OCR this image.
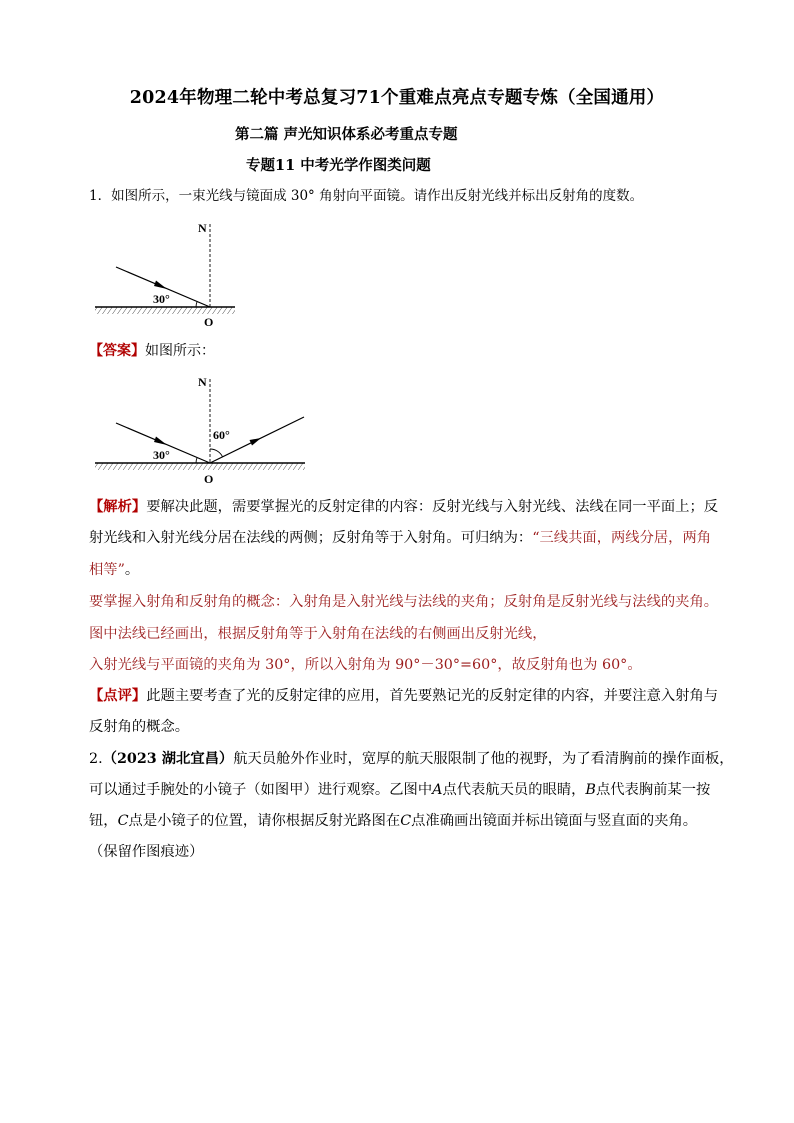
2024年物理二轮中考总复习71个重难点亮点专题专炼（全国通用）
第二篇 声光知识体系必考重点专题
专题11 中考光学作图类问题
1．如图所示，一束光线与镜面成 30° 角射向平面镜。请作出反射光线并标出反射角的度数。
N
30°
O
【答案】如图所示：
N
60°
30°
O
【解析】要解决此题，需要掌握光的反射定律的内容：反射光线与入射光线、法线在同一平面上；反
射光线和入射光线分居在法线的两侧；反射角等于入射角。可归纳为：“三线共面，两线分居，两角
相等”。
要掌握入射角和反射角的概念：入射角是入射光线与法线的夹角；反射角是反射光线与法线的夹角。
图中法线已经画出，根据反射角等于入射角在法线的右侧画出反射光线，
入射光线与平面镜的夹角为 30°，所以入射角为 90°－30°=60°，故反射角也为 60°。
【点评】此题主要考查了光的反射定律的应用，首先要熟记光的反射定律的内容，并要注意入射角与
反射角的概念。
2.（2023 湖北宜昌）航天员舱外作业时，宽厚的航天服限制了他的视野，为了看清胸前的操作面板，
可以通过手腕处的小镜子（如图甲）进行观察。乙图中A点代表航天员的眼睛，B点代表胸前某一按
钮，C点是小镜子的位置，请你根据反射光路图在C点准确画出镜面并标出镜面与竖直面的夹角。
（保留作图痕迹）
